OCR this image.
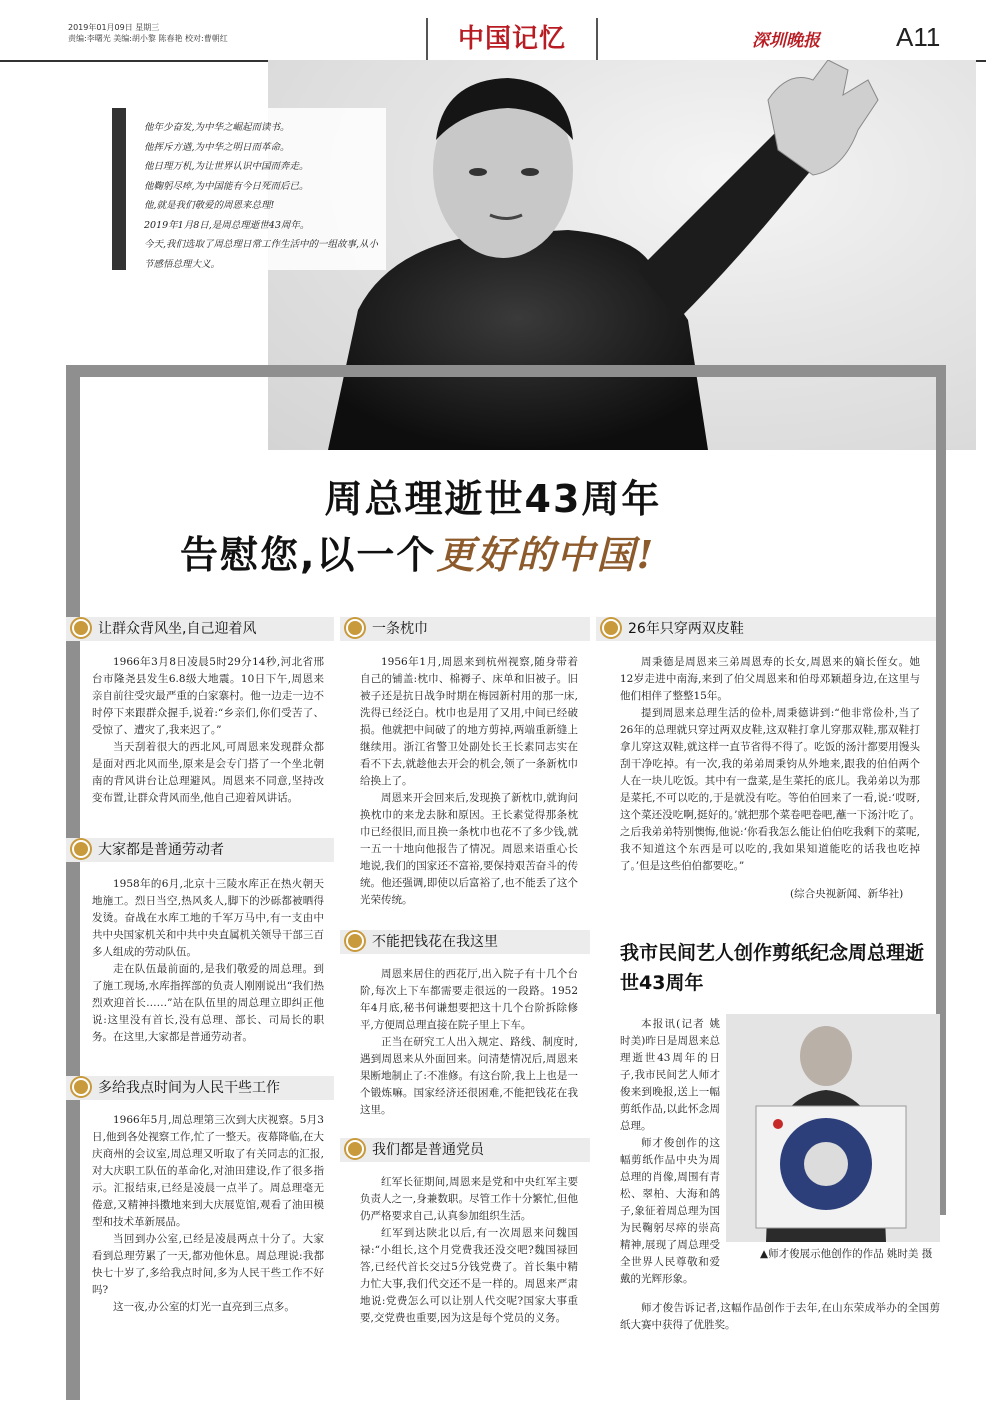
2019年01月09日 星期三
责编:李曙光 美编:胡小黎 陈春艳 校对:曹朝红	中国记忆	深圳晚报	A11
他年少奋发,为中华之崛起而读书。
他挥斥方遒,为中华之明日而革命。
他日理万机,为让世界认识中国而奔走。
他鞠躬尽瘁,为中国能有今日死而后已。
他,就是我们敬爱的周恩来总理!
2019年1月8日,是周总理逝世43周年。
今天,我们选取了周总理日常工作生活中的一组故事,从小节感悟总理大义。
周总理逝世43周年
告慰您,以一个更好的中国!
让群众背风坐,自己迎着风

1966年3月8日凌晨5时29分14秒,河北省邢台市隆尧县发生6.8级大地震。10日下午,周恩来亲自前往受灾最严重的白家寨村。他一边走一边不时停下来跟群众握手,说着:“乡亲们,你们受苦了、受惊了、遭灾了,我来迟了。”

当天刮着很大的西北风,可周恩来发现群众都是面对西北风而坐,原来是会专门搭了一个坐北朝南的背风讲台让总理避风。周恩来不同意,坚持改变布置,让群众背风而坐,他自己迎着风讲话。

大家都是普通劳动者

1958年的6月,北京十三陵水库正在热火朝天地施工。烈日当空,热风炙人,脚下的沙砾都被晒得发烫。奋战在水库工地的千军万马中,有一支由中共中央国家机关和中共中央直属机关领导干部三百多人组成的劳动队伍。

走在队伍最前面的,是我们敬爱的周总理。到了施工现场,水库指挥部的负责人刚刚说出“我们热烈欢迎首长……”站在队伍里的周总理立即纠正他说:这里没有首长,没有总理、部长、司局长的职务。在这里,大家都是普通劳动者。

多给我点时间为人民干些工作

1966年5月,周总理第三次到大庆视察。5月3日,他到各处视察工作,忙了一整天。夜幕降临,在大庆商州的会议室,周总理又听取了有关同志的汇报,对大庆职工队伍的革命化,对油田建设,作了很多指示。汇报结束,已经是凌晨一点半了。周总理毫无倦意,又精神抖擞地来到大庆展览馆,观看了油田模型和技术革新展品。

当回到办公室,已经是凌晨两点十分了。大家看到总理劳累了一天,都劝他休息。周总理说:我都快七十岁了,多给我点时间,多为人民干些工作不好吗?

这一夜,办公室的灯光一直亮到三点多。

一条枕巾

1956年1月,周恩来到杭州视察,随身带着自己的铺盖:枕巾、棉褥子、床单和旧被子。旧被子还是抗日战争时期在梅园新村用的那一床,洗得已经泛白。枕巾也是用了又用,中间已经破损。他就把中间破了的地方剪掉,两端重新缝上继续用。浙江省警卫处副处长王长素同志实在看不下去,就趁他去开会的机会,领了一条新枕巾给换上了。

周恩来开会回来后,发现换了新枕巾,就询问换枕巾的来龙去脉和原因。王长素觉得那条枕巾已经很旧,而且换一条枕巾也花不了多少钱,就一五一十地向他报告了情况。周恩来语重心长地说,我们的国家还不富裕,要保持艰苦奋斗的传统。他还强调,即使以后富裕了,也不能丢了这个光荣传统。

不能把钱花在我这里

周恩来居住的西花厅,出入院子有十几个台阶,每次上下车都需要走很远的一段路。1952年4月底,秘书何谦想要把这十几个台阶拆除修平,方便周总理直接在院子里上下车。

正当在研究工人出入规定、路线、制度时,遇到周恩来从外面回来。问清楚情况后,周恩来果断地制止了:不准修。有这台阶,我上上也是一个锻炼嘛。国家经济还很困难,不能把钱花在我这里。

我们都是普通党员

红军长征期间,周恩来是党和中央红军主要负责人之一,身兼数职。尽管工作十分繁忙,但他仍严格要求自己,认真参加组织生活。

红军到达陕北以后,有一次周恩来问魏国禄:“小组长,这个月党费我还没交吧?魏国禄回答,已经代首长交过5分钱党费了。首长集中精力忙大事,我们代交还不是一样的。周恩来严肃地说:党费怎么可以让别人代交呢?国家大事重要,交党费也重要,因为这是每个党员的义务。

26年只穿两双皮鞋

周秉德是周恩来三弟周恩寿的长女,周恩来的嫡长侄女。她12岁走进中南海,来到了伯父周恩来和伯母邓颖超身边,在这里与他们相伴了整整15年。

提到周恩来总理生活的俭朴,周秉德讲到:“他非常俭朴,当了26年的总理就只穿过两双皮鞋,这双鞋打拿儿穿那双鞋,那双鞋打拿儿穿这双鞋,就这样一直节省得不得了。吃饭的汤汁都要用馒头刮干净吃掉。有一次,我的弟弟周秉钧从外地来,跟我的伯伯两个人在一块儿吃饭。其中有一盘菜,是生菜托的底儿。我弟弟以为那是菜托,不可以吃的,于是就没有吃。等伯伯回来了一看,说:‘哎呀,这个菜还没吃啊,挺好的。’就把那个菜卷吧卷吧,蘸一下汤汁吃了。之后我弟弟特别懊悔,他说:‘你看我怎么能让伯伯吃我剩下的菜呢,我不知道这个东西是可以吃的,我如果知道能吃的话我也吃掉了。’但是这些伯伯都要吃。”

(综合央视新闻、新华社)
我市民间艺人创作剪纸纪念周总理逝世43周年

本报讯(记者 姚时美)昨日是周恩来总理逝世43周年的日子,我市民间艺人师才俊来到晚报,送上一幅剪纸作品,以此怀念周总理。

师才俊创作的这幅剪纸作品中央为周总理的肖像,周围有青松、翠柏、大海和鸽子,象征着周总理为国为民鞠躬尽瘁的崇高精神,展现了周总理受全世界人民尊敬和爱戴的光辉形象。

▲师才俊展示他创作的作品 姚时美 摄

师才俊告诉记者,这幅作品创作于去年,在山东荣成举办的全国剪纸大赛中获得了优胜奖。
